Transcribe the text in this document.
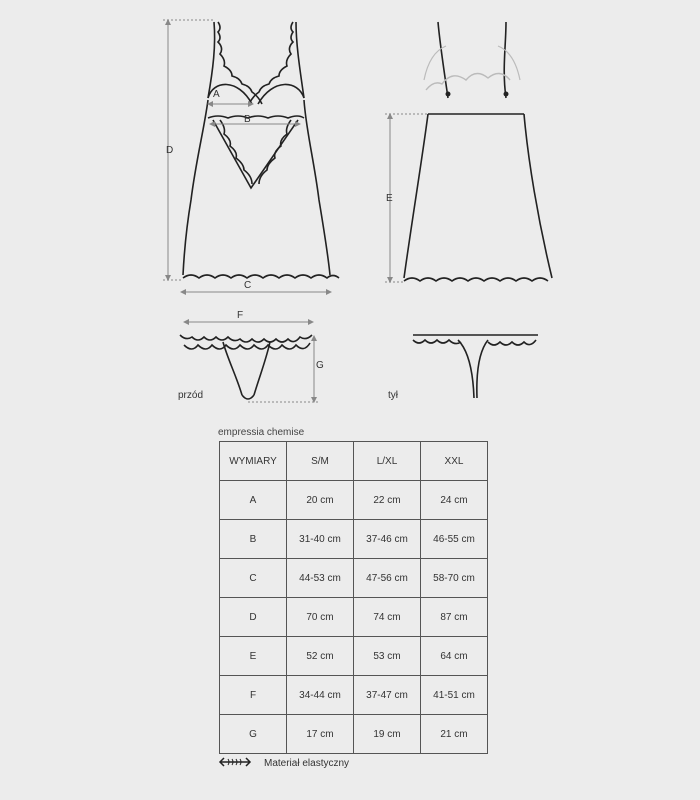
A
B
C
D
E
F
G
przód	tył
empressia chemise
WYMIARY	S/M	L/XL	XXL
A	20 cm	22 cm	24 cm
B	31-40 cm	37-46 cm	46-55 cm
C	44-53 cm	47-56 cm	58-70 cm
D	70 cm	74 cm	87 cm
E	52 cm	53 cm	64 cm
F	34-44 cm	37-47 cm	41-51 cm
G	17 cm	19 cm	21 cm
Materiał elastyczny
